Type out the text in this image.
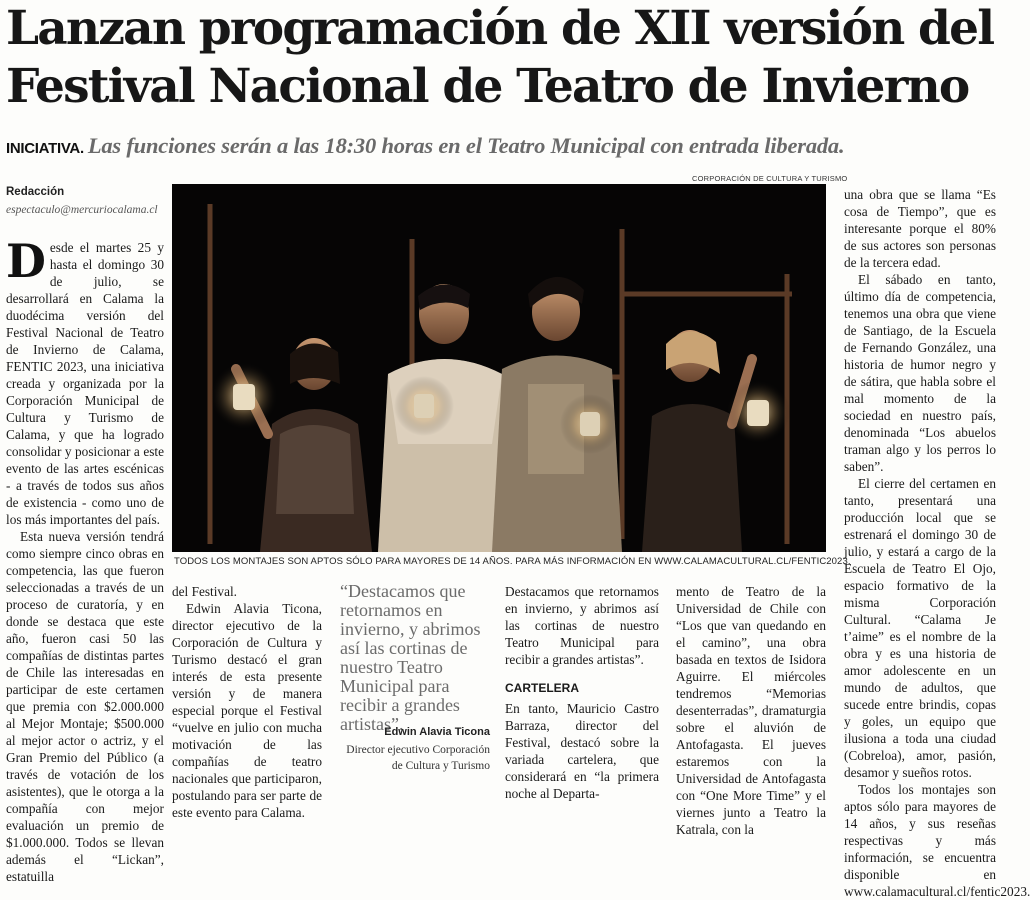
Lanzan programación de XII versión del
Festival Nacional de Teatro de Invierno
INICIATIVA. Las funciones serán a las 18:30 horas en el Teatro Municipal con entrada liberada.
Redacción
espectaculo@mercuriocalama.cl

Desde el martes 25 y hasta el domingo 30 de julio, se desarrollará en Calama la duodécima versión del Festival Nacional de Teatro de Invierno de Calama, FENTIC 2023, una iniciativa creada y organizada por la Corporación Municipal de Cultura y Turismo de Calama, y que ha logrado consolidar y posicionar a este evento de las artes escénicas - a través de todos sus años de existencia - como uno de los más importantes del país.

Esta nueva versión tendrá como siempre cinco obras en competencia, las que fueron seleccionadas a través de un proceso de curatoría, y en donde se destaca que este año, fueron casi 50 las compañías de distintas partes de Chile las interesadas en participar de este certamen que premia con $2.000.000 al Mejor Montaje; $500.000 al mejor actor o actriz, y el Gran Premio del Público (a través de votación de los asistentes), que le otorga a la compañía con mejor evaluación un premio de $1.000.000. Todos se llevan además el “Lickan”, estatuilla

CORPORACIÓN DE CULTURA Y TURISMO
TODOS LOS MONTAJES SON APTOS SÓLO PARA MAYORES DE 14 AÑOS. PARA MÁS INFORMACIÓN EN WWW.CALAMACULTURAL.CL/FENTIC2023.

del Festival.

Edwin Alavia Ticona, director ejecutivo de la Corporación de Cultura y Turismo destacó el gran interés de esta presente versión y de manera especial porque el Festival “vuelve en julio con mucha motivación de las compañías de teatro nacionales que participaron, postulando para ser parte de este evento para Calama.

“Destacamos que retornamos en invierno, y abrimos así las cortinas de nuestro Teatro Municipal para recibir a grandes artistas”.
Edwin Alavia Ticona
Director ejecutivo Corporación de Cultura y Turismo

Destacamos que retornamos en invierno, y abrimos así las cortinas de nuestro Teatro Municipal para recibir a grandes artistas”.

CARTELERA

En tanto, Mauricio Castro Barraza, director del Festival, destacó sobre la variada cartelera, que considerará en “la primera noche al Departa-

mento de Teatro de la Universidad de Chile con “Los que van quedando en el camino”, una obra basada en textos de Isidora Aguirre. El miércoles tendremos “Memorias desenterradas”, dramaturgia sobre el aluvión de Antofagasta. El jueves estaremos con la Universidad de Antofagasta con “One More Time” y el viernes junto a Teatro la Katrala, con la

una obra que se llama “Es cosa de Tiempo”, que es interesante porque el 80% de sus actores son personas de la tercera edad.

El sábado en tanto, último día de competencia, tenemos una obra que viene de Santiago, de la Escuela de Fernando González, una historia de humor negro y de sátira, que habla sobre el mal momento de la sociedad en nuestro país, denominada “Los abuelos traman algo y los perros lo saben”.

El cierre del certamen en tanto, presentará una producción local que se estrenará el domingo 30 de julio, y estará a cargo de la Escuela de Teatro El Ojo, espacio formativo de la misma Corporación Cultural. “Calama Je t’aime” es el nombre de la obra y es una historia de amor adolescente en un mundo de adultos, que sucede entre brindis, copas y goles, un equipo que ilusiona a toda una ciudad (Cobreloa), amor, pasión, desamor y sueños rotos.

Todos los montajes son aptos sólo para mayores de 14 años, y sus reseñas respectivas y más información, se encuentra disponible en www.calamacultural.cl/fentic2023.
